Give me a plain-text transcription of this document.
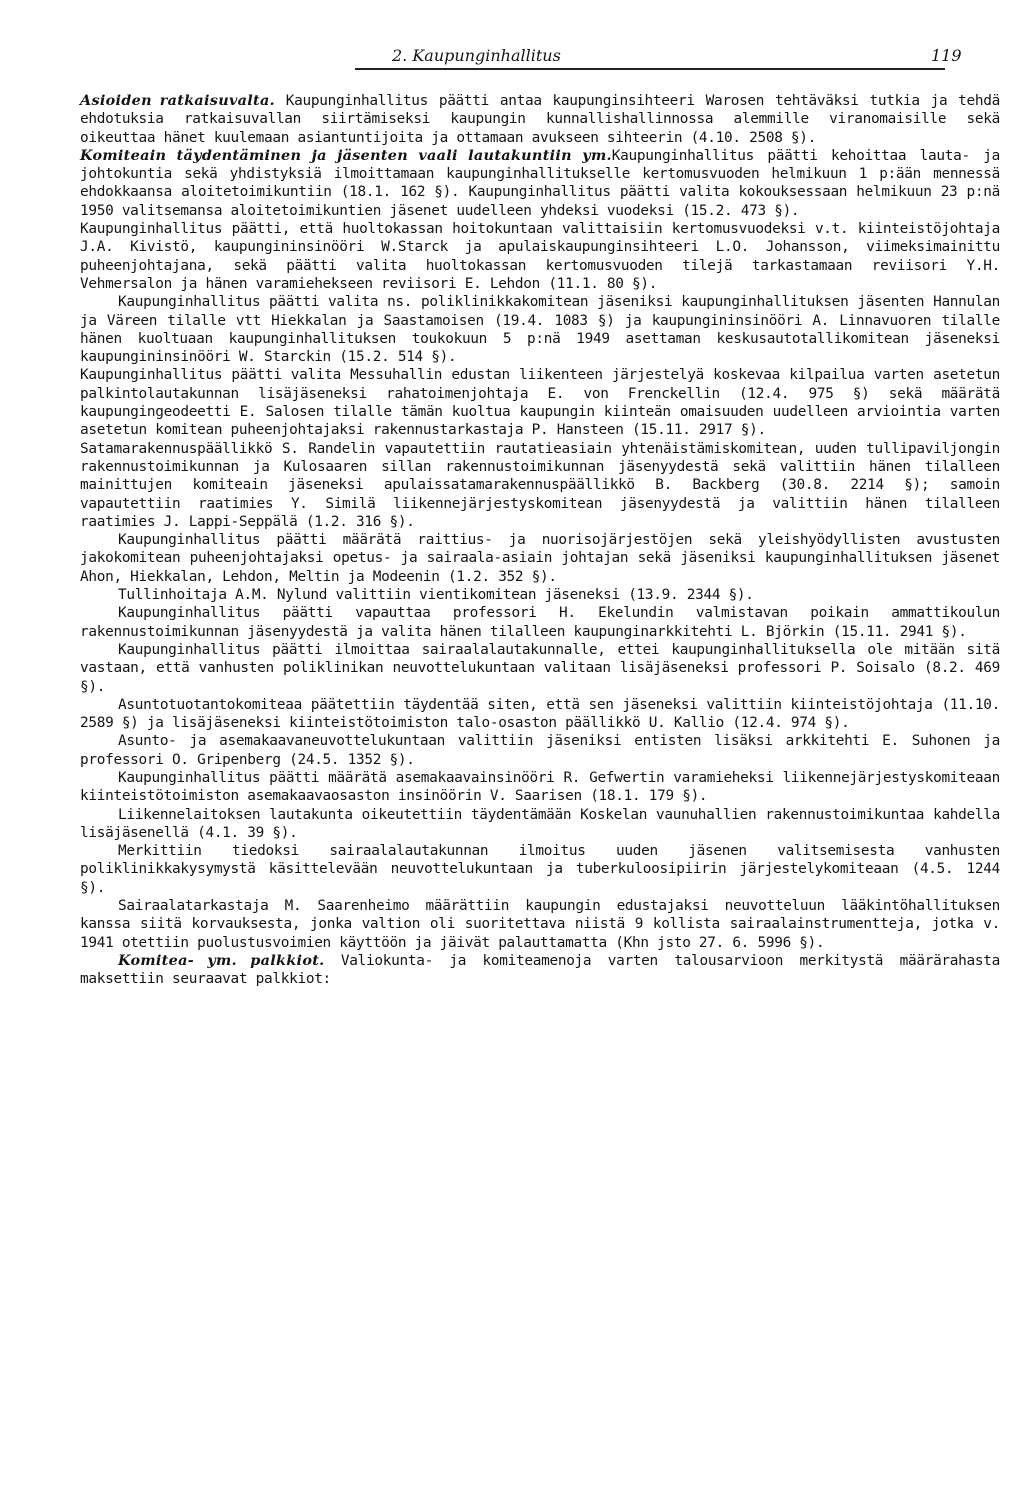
2. Kaupunginhallitus	119

Asioiden ratkaisuvalta. Kaupunginhallitus päätti antaa kaupunginsihteeri Warosen tehtäväksi tutkia ja tehdä ehdotuksia ratkaisuvallan siirtämiseksi kaupungin kunnallishallinnossa alemmille viranomaisille sekä oikeuttaa hänet kuulemaan asiantuntijoita ja ottamaan avukseen sihteerin (4.10. 2508 §).

Komiteain täydentäminen ja jäsenten vaali lautakuntiin ym.Kaupunginhallitus päätti kehoittaa lauta- ja johtokuntia sekä yhdistyksiä ilmoittamaan kaupunginhallitukselle kertomusvuoden helmikuun 1 p:ään mennessä ehdokkaansa aloitetoimikuntiin (18.1. 162 §). Kaupunginhallitus päätti valita kokouksessaan helmikuun 23 p:nä 1950 valitsemansa aloitetoimikuntien jäsenet uudelleen yhdeksi vuodeksi (15.2. 473 §).

Kaupunginhallitus päätti, että huoltokassan hoitokuntaan valittaisiin kertomusvuodeksi v.t. kiinteistöjohtaja J.A. Kivistö, kaupungininsinööri W.Starck ja apulaiskaupunginsihteeri L.O. Johansson, viimeksimainittu puheenjohtajana, sekä päätti valita huoltokassan kertomusvuoden tilejä tarkastamaan reviisori Y.H. Vehmersalon ja hänen varamiehekseen reviisori E. Lehdon (11.1. 80 §).

Kaupunginhallitus päätti valita ns. poliklinikkakomitean jäseniksi kaupunginhallituksen jäsenten Hannulan ja Väreen tilalle vtt Hiekkalan ja Saastamoisen (19.4. 1083 §) ja kaupungininsinööri A. Linnavuoren tilalle hänen kuoltuaan kaupunginhallituksen toukokuun 5 p:nä 1949 asettaman keskusautotallikomitean jäseneksi kaupungininsinööri W. Starckin (15.2. 514 §).

Kaupunginhallitus päätti valita Messuhallin edustan liikenteen järjestelyä koskevaa kilpailua varten asetetun palkintolautakunnan lisäjäseneksi rahatoimenjohtaja E. von Frenckellin (12.4. 975 §) sekä määrätä kaupungingeodeetti E. Salosen tilalle tämän kuoltua kaupungin kiinteän omaisuuden uudelleen arviointia varten asetetun komitean puheenjohtajaksi rakennustarkastaja P. Hansteen (15.11. 2917 §).

Satamarakennuspäällikkö S. Randelin vapautettiin rautatieasiain yhtenäistämiskomitean, uuden tullipaviljongin rakennustoimikunnan ja Kulosaaren sillan rakennustoimikunnan jäsenyydestä sekä valittiin hänen tilalleen mainittujen komiteain jäseneksi apulaissatamarakennuspäällikkö B. Backberg (30.8. 2214 §); samoin vapautettiin raatimies Y. Similä liikennejärjestyskomitean jäsenyydestä ja valittiin hänen tilalleen raatimies J. Lappi-Seppälä (1.2. 316 §).

Kaupunginhallitus päätti määrätä raittius- ja nuorisojärjestöjen sekä yleishyödyllisten avustusten jakokomitean puheenjohtajaksi opetus- ja sairaala-asiain johtajan sekä jäseniksi kaupunginhallituksen jäsenet Ahon, Hiekkalan, Lehdon, Meltin ja Modeenin (1.2. 352 §).

Tullinhoitaja A.M. Nylund valittiin vientikomitean jäseneksi (13.9. 2344 §).

Kaupunginhallitus päätti vapauttaa professori H. Ekelundin valmistavan poikain ammattikoulun rakennustoimikunnan jäsenyydestä ja valita hänen tilalleen kaupunginarkkitehti L. Björkin (15.11. 2941 §).

Kaupunginhallitus päätti ilmoittaa sairaalalautakunnalle, ettei kaupunginhallituksella ole mitään sitä vastaan, että vanhusten poliklinikan neuvottelukuntaan valitaan lisäjäseneksi professori P. Soisalo (8.2. 469 §).

Asuntotuotantokomiteaa päätettiin täydentää siten, että sen jäseneksi valittiin kiinteistöjohtaja (11.10. 2589 §) ja lisäjäseneksi kiinteistötoimiston talo-osaston päällikkö U. Kallio (12.4. 974 §).

Asunto- ja asemakaavaneuvottelukuntaan valittiin jäseniksi entisten lisäksi arkkitehti E. Suhonen ja professori O. Gripenberg (24.5. 1352 §).

Kaupunginhallitus päätti määrätä asemakaavainsinööri R. Gefwertin varamieheksi liikennejärjestyskomiteaan kiinteistötoimiston asemakaavaosaston insinöörin V. Saarisen (18.1. 179 §).

Liikennelaitoksen lautakunta oikeutettiin täydentämään Koskelan vaunuhallien rakennustoimikuntaa kahdella lisäjäsenellä (4.1. 39 §).

Merkittiin tiedoksi sairaalalautakunnan ilmoitus uuden jäsenen valitsemisesta vanhusten poliklinikkakysymystä käsittelevään neuvottelukuntaan ja tuberkuloosipiirin järjestelykomiteaan (4.5. 1244 §).

Sairaalatarkastaja M. Saarenheimo määrättiin kaupungin edustajaksi neuvotteluun lääkintöhallituksen kanssa siitä korvauksesta, jonka valtion oli suoritettava niistä 9 kollista sairaalainstrumentteja, jotka v. 1941 otettiin puolustusvoimien käyttöön ja jäivät palauttamatta (Khn jsto 27. 6. 5996 §).

Komitea- ym. palkkiot. Valiokunta- ja komiteamenoja varten talousarvioon merkitystä määrärahasta maksettiin seuraavat palkkiot:
